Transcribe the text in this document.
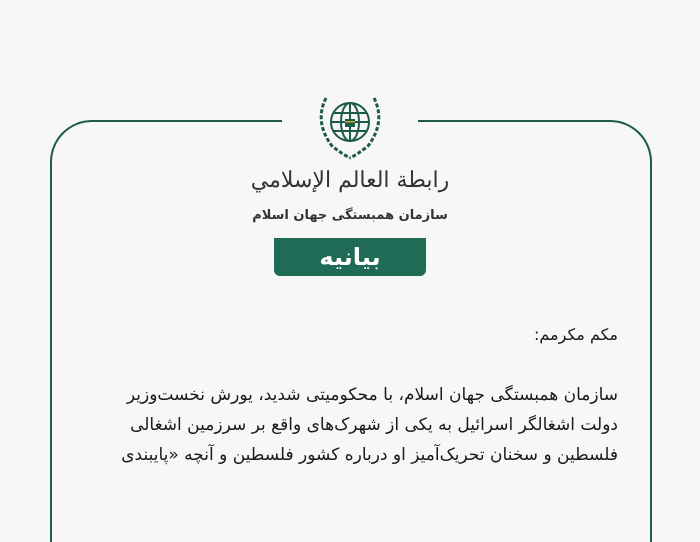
رابطة العالم الإسلامي
سازمان همبستگی جهان اسلام
بیانیه
مکم مکرمم:
سازمان همبستگی جهان اسلام، با محکومیتی شدید، یورش نخست‌وزیر
دولت اشغالگر اسرائیل به یکی از شهرک‌های واقع بر سرزمین اشغالی
فلسطین و سخنان تحریک‌آمیز او درباره کشور فلسطین و آنچه «پایبندی
